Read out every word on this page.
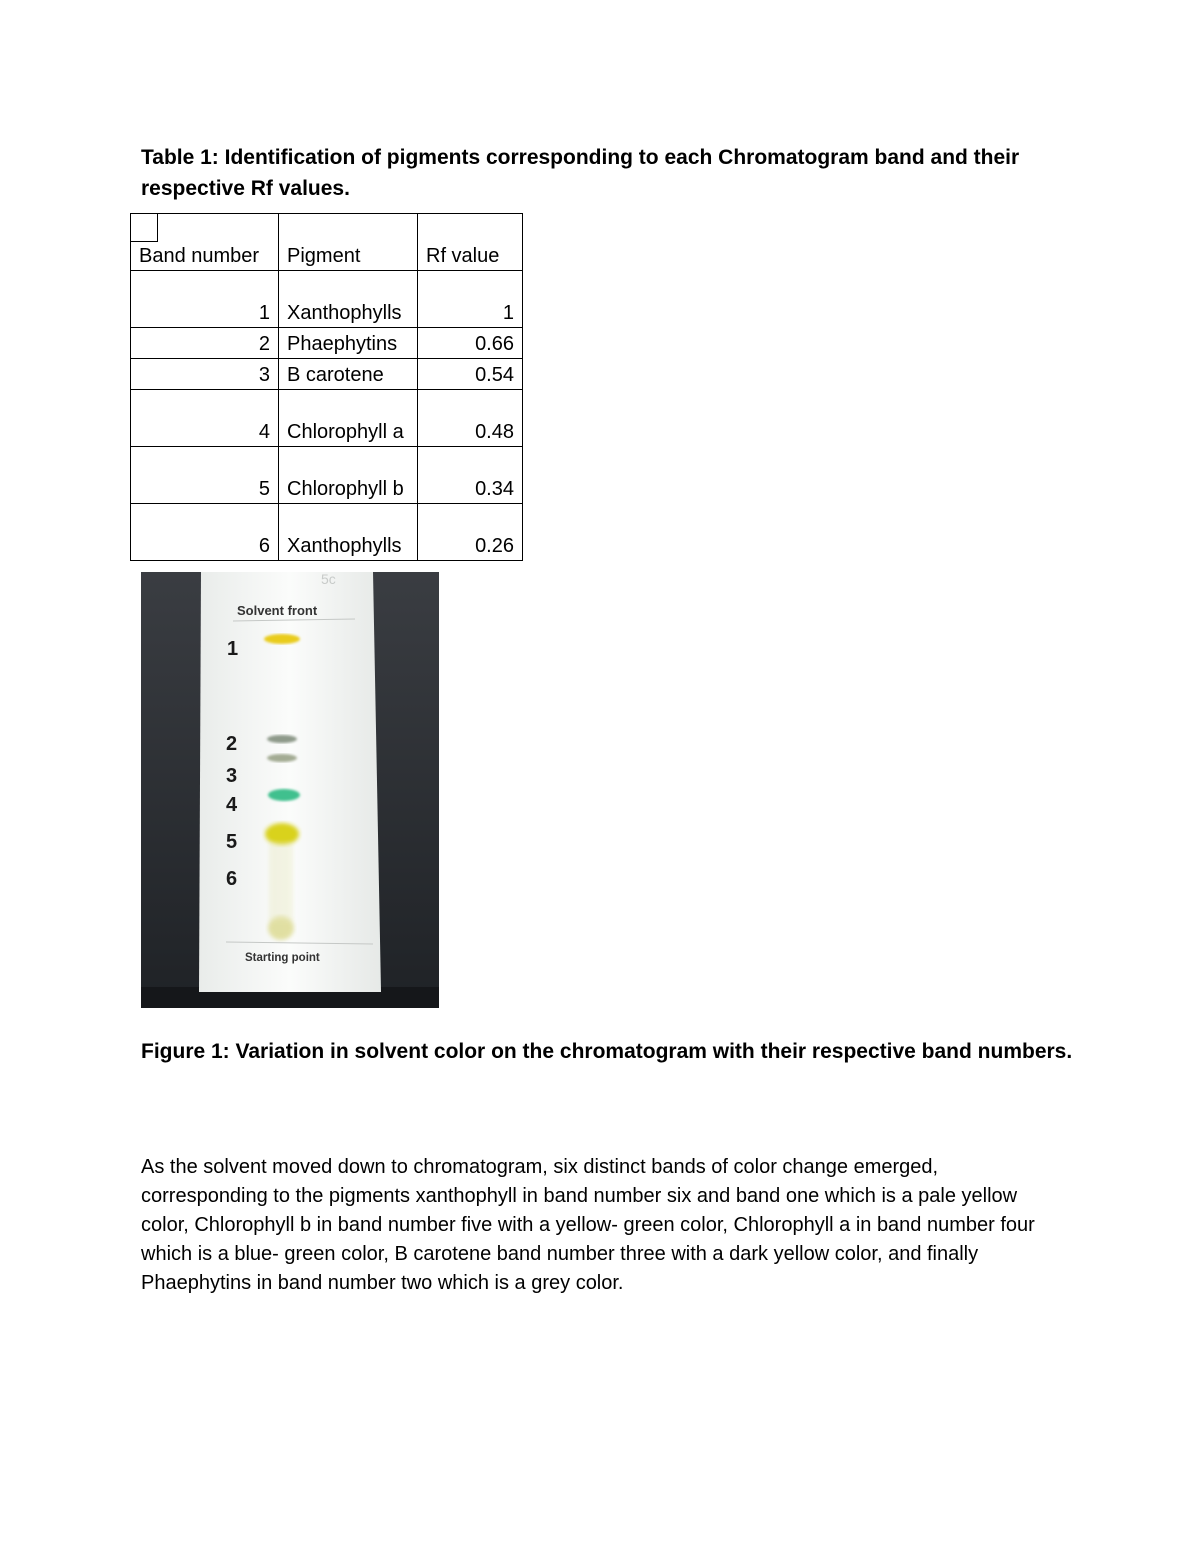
Table 1: Identification of pigments corresponding to each Chromatogram band and their respective Rf values.
Band number	Pigment	Rf value
1	Xanthophylls	1
2	Phaephytins	0.66
3	B carotene	0.54
4	Chlorophyll a	0.48
5	Chlorophyll b	0.34
6	Xanthophylls	0.26
5c
Solvent front
Starting point
1
2
3
4
5
6
Figure 1: Variation in solvent color on the chromatogram with their respective band numbers.

As the solvent moved down to chromatogram, six distinct bands of color change emerged, corresponding to the pigments xanthophyll in band number six and band one which is a pale yellow color, Chlorophyll b in band number five with a yellow- green color, Chlorophyll a in band number four which is a blue- green color, B carotene band number three with a dark yellow color, and finally Phaephytins in band number two which is a grey color.
